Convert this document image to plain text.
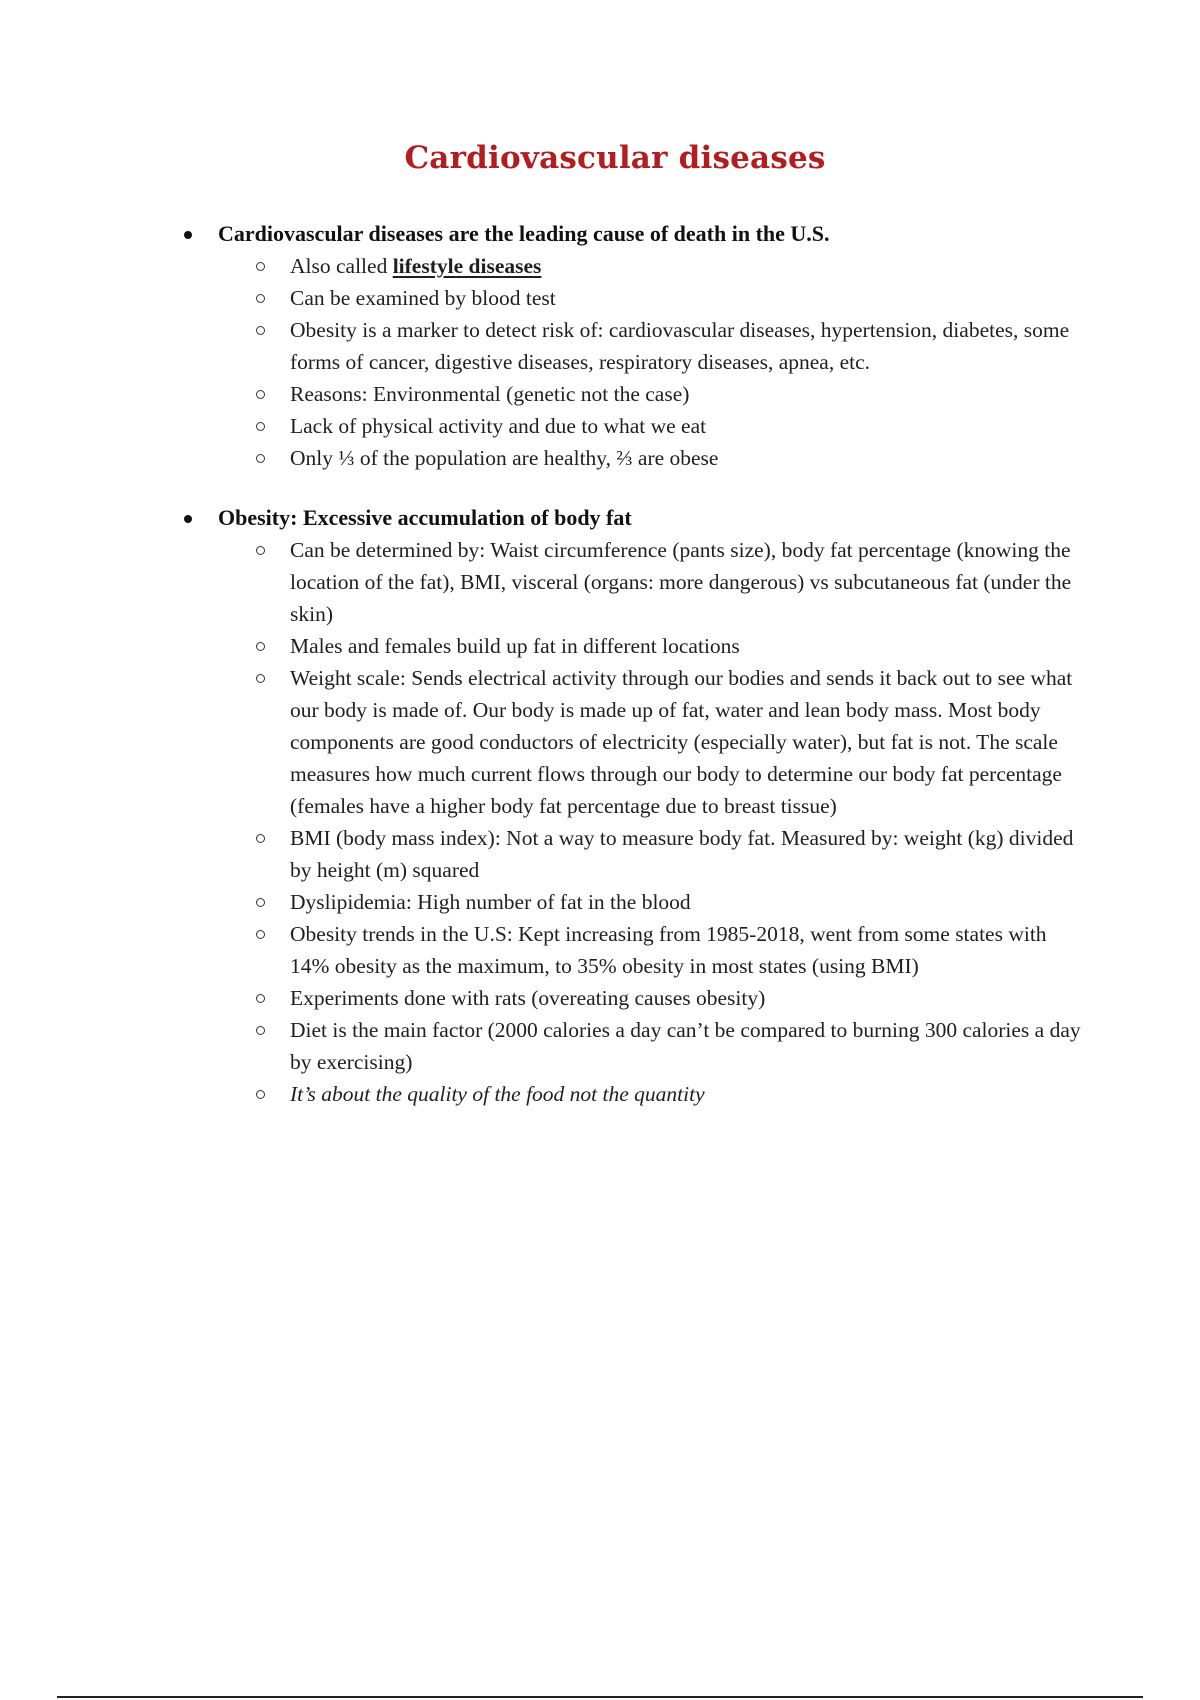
Cardiovascular diseases
Cardiovascular diseases are the leading cause of death in the U.S.
Also called lifestyle diseases
Can be examined by blood test
Obesity is a marker to detect risk of: cardiovascular diseases, hypertension, diabetes, some forms of cancer, digestive diseases, respiratory diseases, apnea, etc.
Reasons: Environmental (genetic not the case)
Lack of physical activity and due to what we eat
Only ⅓ of the population are healthy, ⅔ are obese
Obesity: Excessive accumulation of body fat
Can be determined by: Waist circumference (pants size), body fat percentage (knowing the location of the fat), BMI, visceral (organs: more dangerous) vs subcutaneous fat (under the skin)
Males and females build up fat in different locations
Weight scale: Sends electrical activity through our bodies and sends it back out to see what our body is made of. Our body is made up of fat, water and lean body mass. Most body components are good conductors of electricity (especially water), but fat is not. The scale measures how much current flows through our body to determine our body fat percentage (females have a higher body fat percentage due to breast tissue)
BMI (body mass index): Not a way to measure body fat. Measured by: weight (kg) divided by height (m) squared
Dyslipidemia: High number of fat in the blood
Obesity trends in the U.S: Kept increasing from 1985-2018, went from some states with 14% obesity as the maximum, to 35% obesity in most states (using BMI)
Experiments done with rats (overeating causes obesity)
Diet is the main factor (2000 calories a day can’t be compared to burning 300 calories a day by exercising)
It’s about the quality of the food not the quantity
